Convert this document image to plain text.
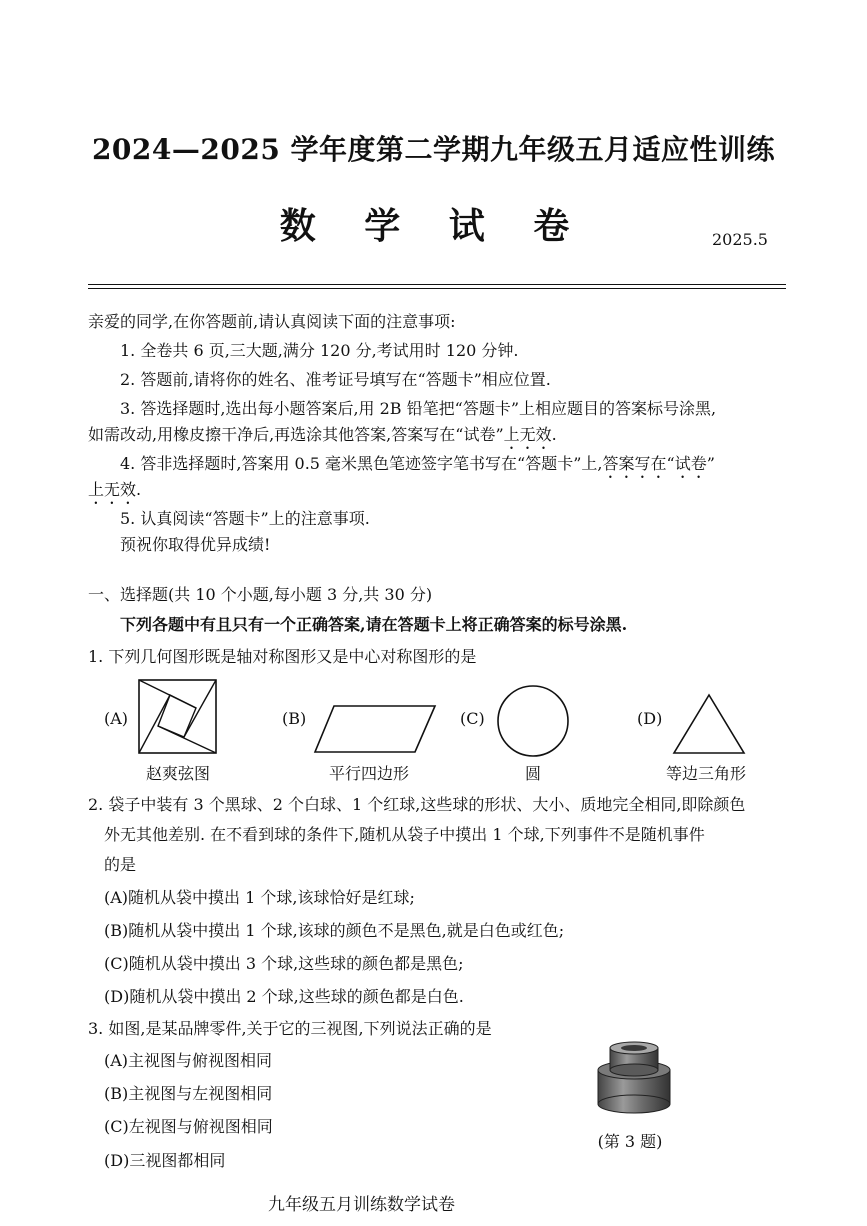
2024—2025 学年度第二学期九年级五月适应性训练
数 学 试 卷	2025.5
亲爱的同学,在你答题前,请认真阅读下面的注意事项:
1. 全卷共 6 页,三大题,满分 120 分,考试用时 120 分钟.
2. 答题前,请将你的姓名、准考证号填写在“答题卡”相应位置.
3. 答选择题时,选出每小题答案后,用 2B 铅笔把“答题卡”上相应题目的答案标号涂黑,
如需改动,用橡皮擦干净后,再选涂其他答案,答案写在“试卷”上无效.
4. 答非选择题时,答案用 0.5 毫米黑色笔迹签字笔书写在“答题卡”上,答案写在“试卷”
上无效.
5. 认真阅读“答题卡”上的注意事项.
预祝你取得优异成绩!
一、选择题(共 10 个小题,每小题 3 分,共 30 分)
下列各题中有且只有一个正确答案,请在答题卡上将正确答案的标号涂黑.
1. 下列几何图形既是轴对称图形又是中心对称图形的是
(A)
赵爽弦图
(B)
平行四边形
(C)
圆
(D)
等边三角形
2. 袋子中装有 3 个黑球、2 个白球、1 个红球,这些球的形状、大小、质地完全相同,即除颜色
外无其他差别. 在不看到球的条件下,随机从袋子中摸出 1 个球,下列事件不是随机事件
的是
(A)随机从袋中摸出 1 个球,该球恰好是红球;
(B)随机从袋中摸出 1 个球,该球的颜色不是黑色,就是白色或红色;
(C)随机从袋中摸出 3 个球,这些球的颜色都是黑色;
(D)随机从袋中摸出 2 个球,这些球的颜色都是白色.
3. 如图,是某品牌零件,关于它的三视图,下列说法正确的是
(A)主视图与俯视图相同
(B)主视图与左视图相同
(C)左视图与俯视图相同
(D)三视图都相同
(第 3 题)
九年级五月训练数学试卷
